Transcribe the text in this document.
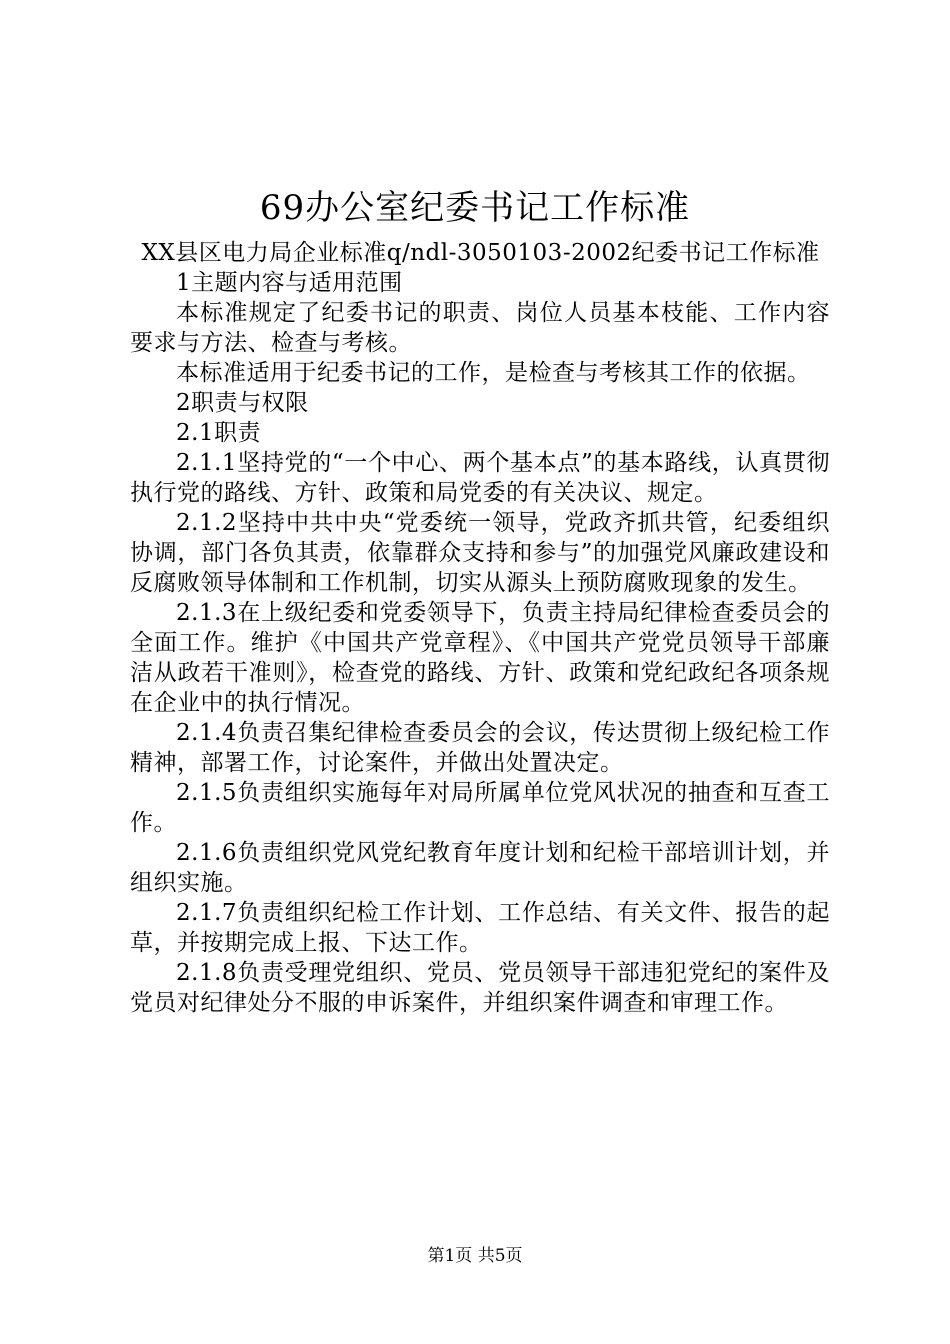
69办公室纪委书记工作标准

XX县区电力局企业标准q/ndl-3050103-2002纪委书记工作标准

1主题内容与适用范围

本标准规定了纪委书记的职责、岗位人员基本枝能、工作内容要求与方法、检查与考核。

本标准适用于纪委书记的工作，是检查与考核其工作的依据。

2职责与权限

2.1职责

2.1.1坚持党的“一个中心、两个基本点”的基本路线，认真贯彻执行党的路线、方针、政策和局党委的有关决议、规定。

2.1.2坚持中共中央“党委统一领导，党政齐抓共管，纪委组织协调，部门各负其责，依靠群众支持和参与”的加强党风廉政建设和反腐败领导体制和工作机制，切实从源头上预防腐败现象的发生。

2.1.3在上级纪委和党委领导下，负责主持局纪律检查委员会的全面工作。维护《中国共产党章程》、《中国共产党党员领导干部廉洁从政若干准则》，检查党的路线、方针、政策和党纪政纪各项条规在企业中的执行情况。

2.1.4负责召集纪律检查委员会的会议，传达贯彻上级纪检工作精神，部署工作，讨论案件，并做出处置决定。

2.1.5负责组织实施每年对局所属单位党风状况的抽查和互查工作。

2.1.6负责组织党风党纪教育年度计划和纪检干部培训计划，并组织实施。

2.1.7负责组织纪检工作计划、工作总结、有关文件、报告的起草，并按期完成上报、下达工作。

2.1.8负责受理党组织、党员、党员领导干部违犯党纪的案件及党员对纪律处分不服的申诉案件，并组织案件调查和审理工作。

第1页 共5页
